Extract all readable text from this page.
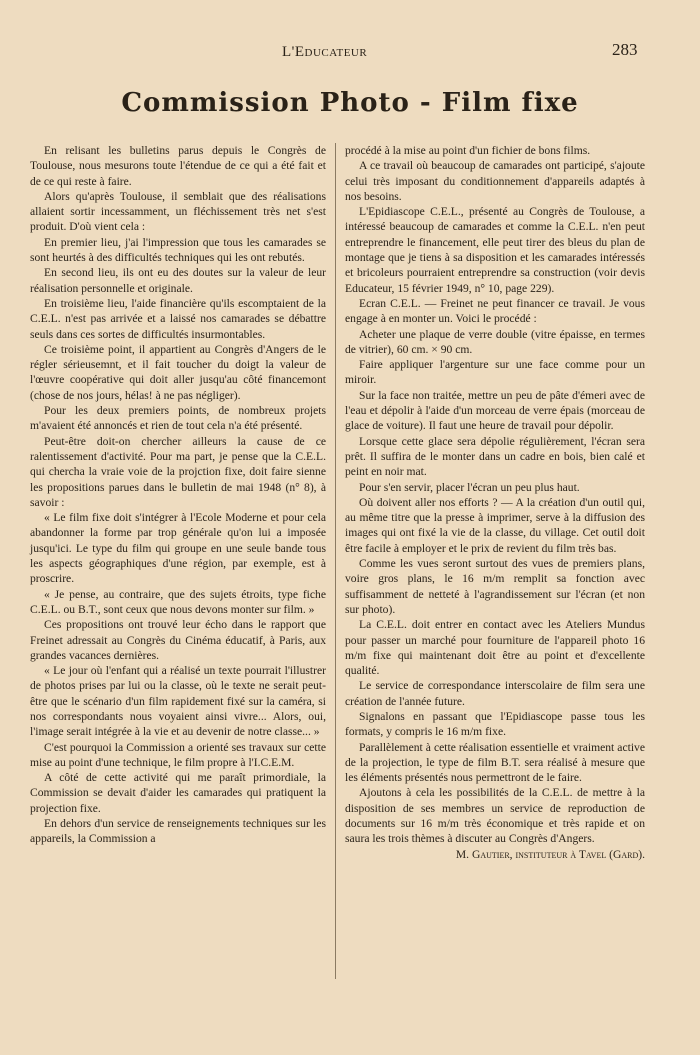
L'Educateur	283
Commission Photo - Film fixe

En relisant les bulletins parus depuis le Congrès de Toulouse, nous mesurons toute l'étendue de ce qui a été fait et de ce qui reste à faire.

Alors qu'après Toulouse, il semblait que des réalisations allaient sortir incessamment, un fléchissement très net s'est produit. D'où vient cela :

En premier lieu, j'ai l'impression que tous les camarades se sont heurtés à des difficultés techniques qui les ont rebutés.

En second lieu, ils ont eu des doutes sur la valeur de leur réalisation personnelle et originale.

En troisième lieu, l'aide financière qu'ils escomptaient de la C.E.L. n'est pas arrivée et a laissé nos camarades se débattre seuls dans ces sortes de difficultés insurmontables.

Ce troisième point, il appartient au Congrès d'Angers de le régler sérieusemnt, et il fait toucher du doigt la valeur de l'œuvre coopérative qui doit aller jusqu'au côté financemont (chose de nos jours, hélas! à ne pas négliger).

Pour les deux premiers points, de nombreux projets m'avaient été annoncés et rien de tout cela n'a été présenté.

Peut-être doit-on chercher ailleurs la cause de ce ralentissement d'activité. Pour ma part, je pense que la C.E.L. qui chercha la vraie voie de la projction fixe, doit faire sienne les propositions parues dans le bulletin de mai 1948 (n° 8), à savoir :

« Le film fixe doit s'intégrer à l'Ecole Moderne et pour cela abandonner la forme par trop générale qu'on lui a imposée jusqu'ici. Le type du film qui groupe en une seule bande tous les aspects géographiques d'une région, par exemple, est à proscrire.

« Je pense, au contraire, que des sujets étroits, type fiche C.E.L. ou B.T., sont ceux que nous devons monter sur film. »

Ces propositions ont trouvé leur écho dans le rapport que Freinet adressait au Congrès du Cinéma éducatif, à Paris, aux grandes vacances dernières.

« Le jour où l'enfant qui a réalisé un texte pourrait l'illustrer de photos prises par lui ou la classe, où le texte ne serait peut-être que le scénario d'un film rapidement fixé sur la caméra, si nos correspondants nous voyaient ainsi vivre... Alors, oui, l'image serait intégrée à la vie et au devenir de notre classe... »

C'est pourquoi la Commission a orienté ses travaux sur cette mise au point d'une technique, le film propre à l'I.C.E.M.

A côté de cette activité qui me paraît primordiale, la Commission se devait d'aider les camarades qui pratiquent la projection fixe.

En dehors d'un service de renseignements techniques sur les appareils, la Commission a

procédé à la mise au point d'un fichier de bons films.

A ce travail où beaucoup de camarades ont participé, s'ajoute celui très imposant du conditionnement d'appareils adaptés à nos besoins.

L'Epidiascope C.E.L., présenté au Congrès de Toulouse, a intéressé beaucoup de camarades et comme la C.E.L. n'en peut entreprendre le financement, elle peut tirer des bleus du plan de montage que je tiens à sa disposition et les camarades intéressés et bricoleurs pourraient entreprendre sa construction (voir devis Educateur, 15 février 1949, n° 10, page 229).

Ecran C.E.L. — Freinet ne peut financer ce travail. Je vous engage à en monter un. Voici le procédé :

Acheter une plaque de verre double (vitre épaisse, en termes de vitrier), 60 cm. × 90 cm.

Faire appliquer l'argenture sur une face comme pour un miroir.

Sur la face non traitée, mettre un peu de pâte d'émeri avec de l'eau et dépolir à l'aide d'un morceau de verre épais (morceau de glace de voiture). Il faut une heure de travail pour dépolir.

Lorsque cette glace sera dépolie régulièrement, l'écran sera prêt. Il suffira de le monter dans un cadre en bois, bien calé et peint en noir mat.

Pour s'en servir, placer l'écran un peu plus haut.

Où doivent aller nos efforts ? — A la création d'un outil qui, au même titre que la presse à imprimer, serve à la diffusion des images qui ont fixé la vie de la classe, du village. Cet outil doit être facile à employer et le prix de revient du film très bas.

Comme les vues seront surtout des vues de premiers plans, voire gros plans, le 16 m/m remplit sa fonction avec suffisamment de netteté à l'agrandissement sur l'écran (et non sur photo).

La C.E.L. doit entrer en contact avec les Ateliers Mundus pour passer un marché pour fourniture de l'appareil photo 16 m/m fixe qui maintenant doit être au point et d'excellente qualité.

Le service de correspondance interscolaire de film sera une création de l'année future.

Signalons en passant que l'Epidiascope passe tous les formats, y compris le 16 m/m fixe.

Parallèlement à cette réalisation essentielle et vraiment active de la projection, le type de film B.T. sera réalisé à mesure que les éléments présentés nous permettront de le faire.

Ajoutons à cela les possibilités de la C.E.L. de mettre à la disposition de ses membres un service de reproduction de documents sur 16 m/m très économique et très rapide et on saura les trois thèmes à discuter au Congrès d'Angers.

M. Gautier, instituteur à Tavel (Gard).
